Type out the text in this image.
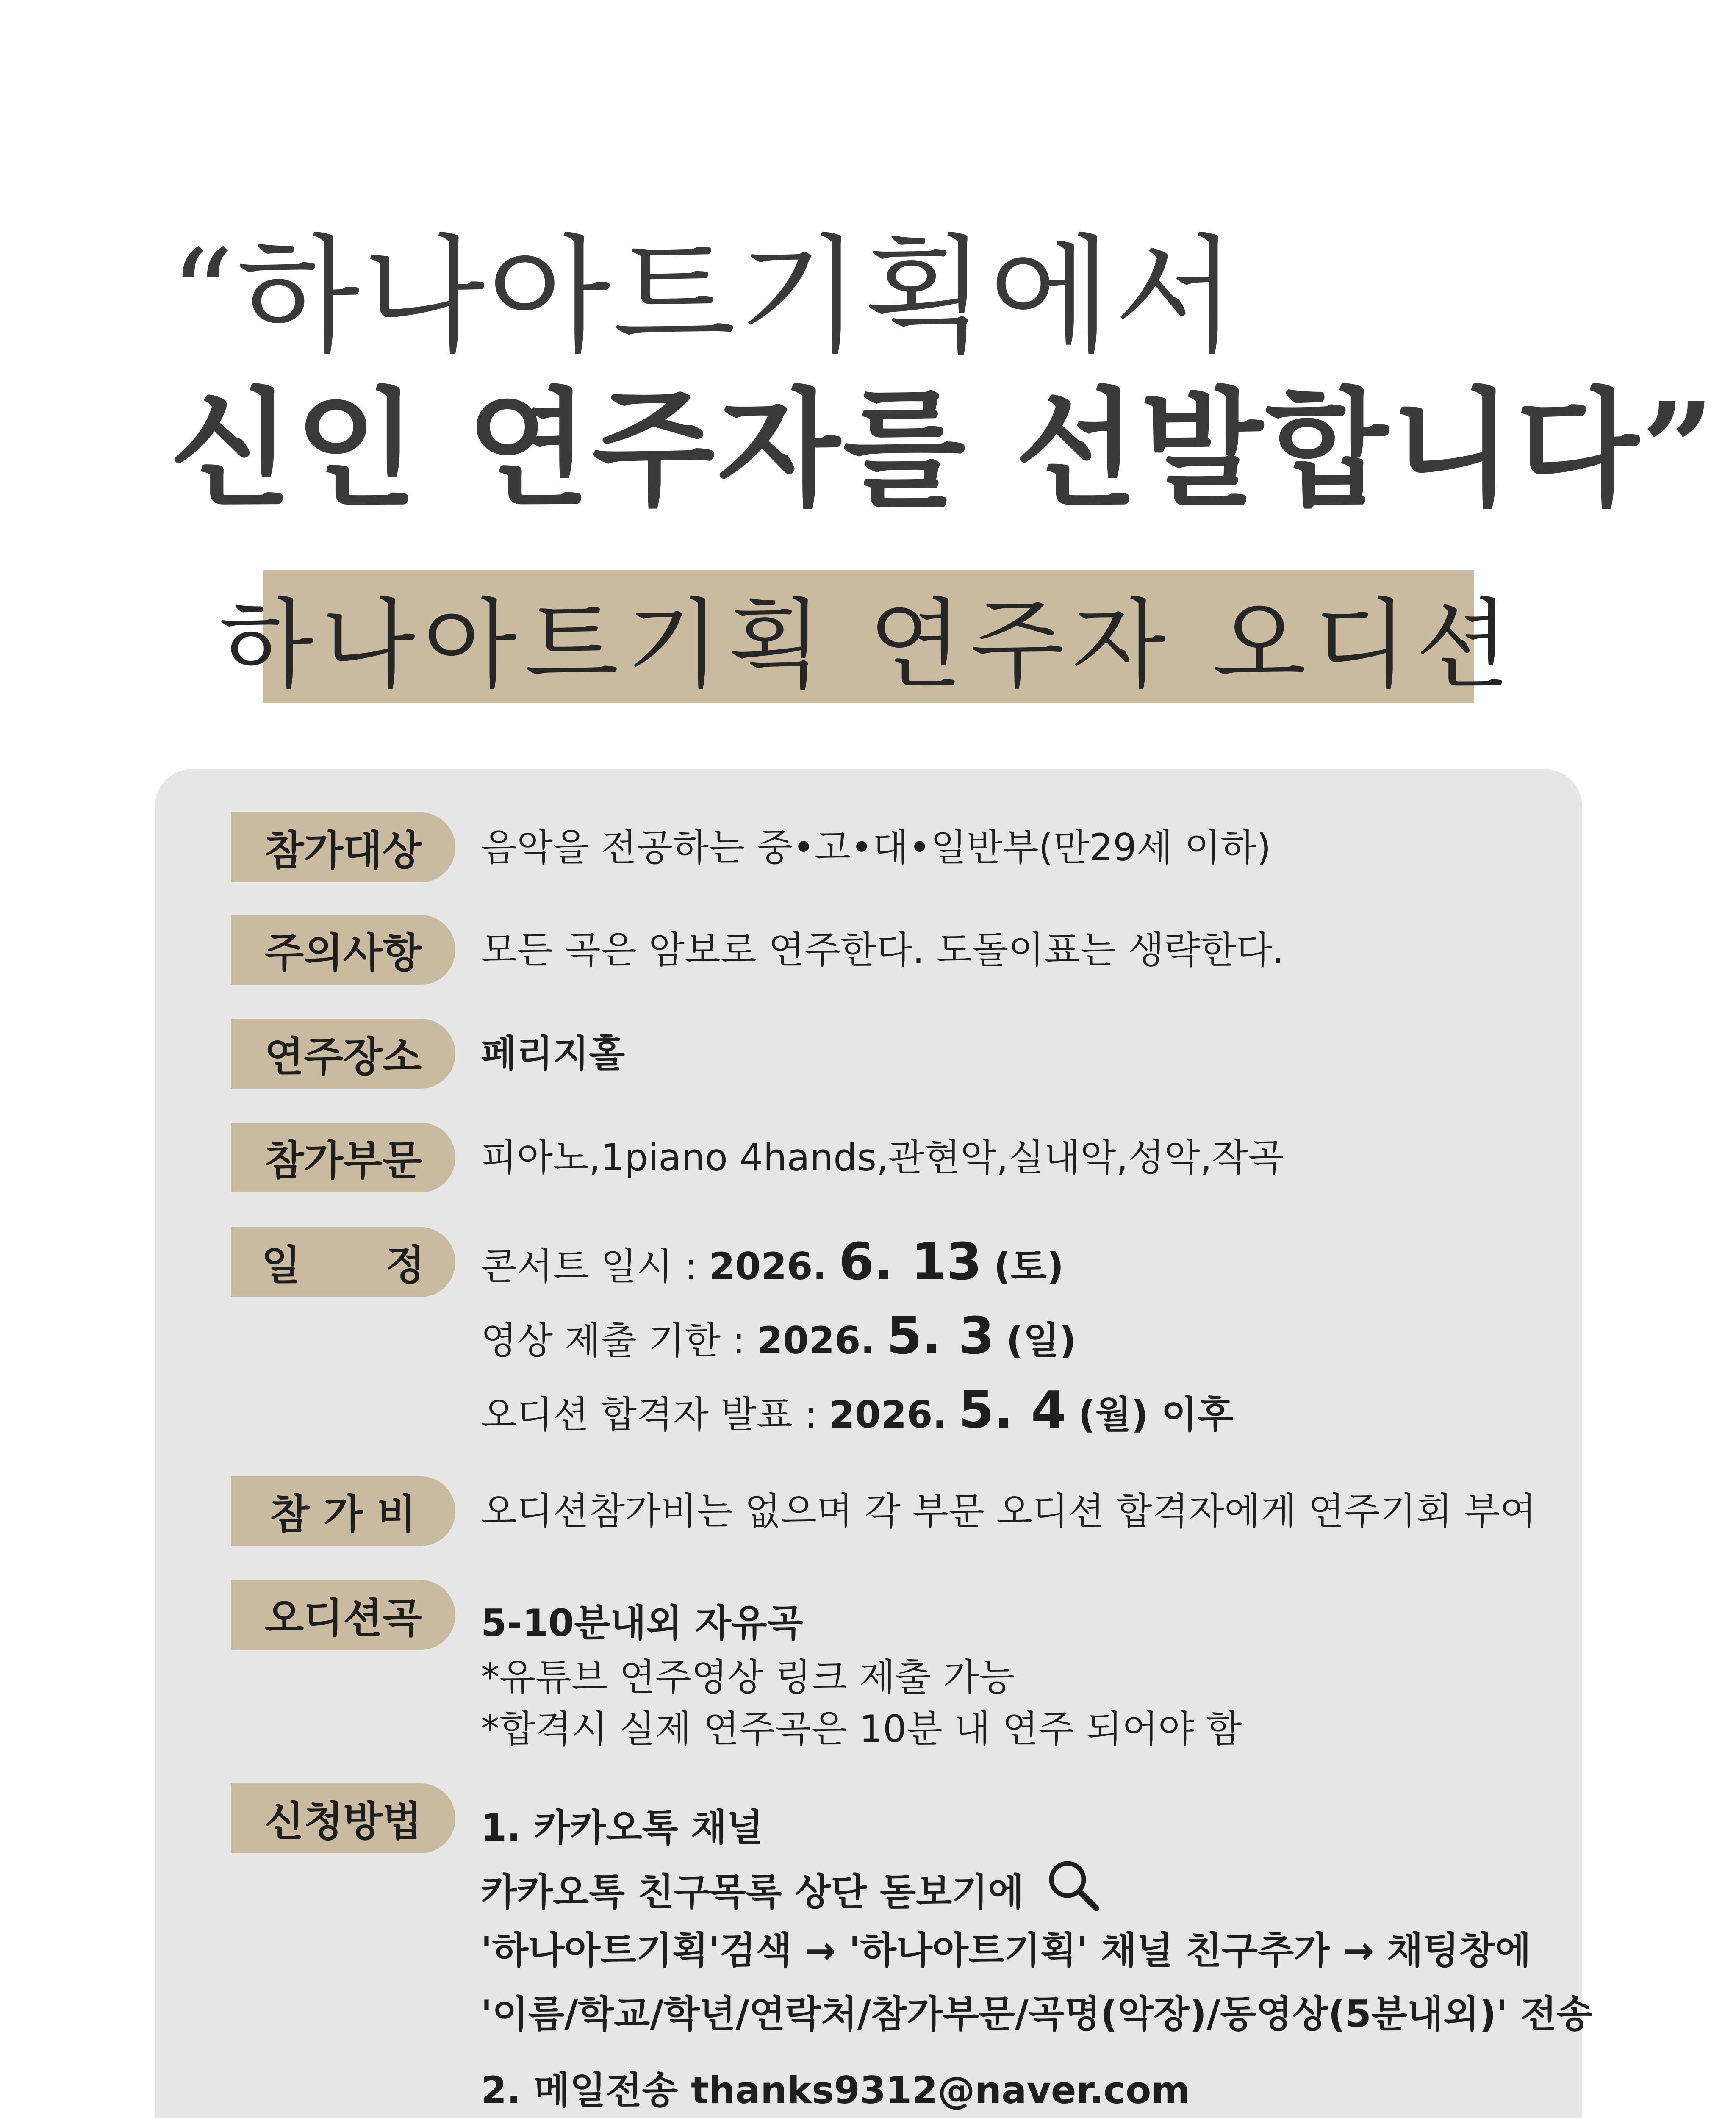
“하나아트기획에서
신인 연주자를 선발합니다”
하나아트기획 연주자 오디션
참가대상	음악을 전공하는 중•고•대•일반부(만29세 이하)
주의사항	모든 곡은 암보로 연주한다. 도돌이표는 생략한다.
연주장소	페리지홀
참가부문	피아노,1piano 4hands,관현악,실내악,성악,작곡
일      정	콘서트 일시 : 2026. 6. 13 (토)
영상 제출 기한 : 2026. 5. 3 (일)
오디션 합격자 발표 : 2026. 5. 4 (월) 이후
참 가 비	오디션참가비는 없으며 각 부문 오디션 합격자에게 연주기회 부여
오디션곡	5-10분내외 자유곡
*유튜브 연주영상 링크 제출 가능
*합격시 실제 연주곡은 10분 내 연주 되어야 함
신청방법	1. 카카오톡 채널
카카오톡 친구목록 상단 돋보기에
'하나아트기획'검색 → '하나아트기획' 채널 친구추가 → 채팅창에
'이름/학교/학년/연락처/참가부문/곡명(악장)/동영상(5분내외)' 전송
2. 메일전송 thanks9312@naver.com
